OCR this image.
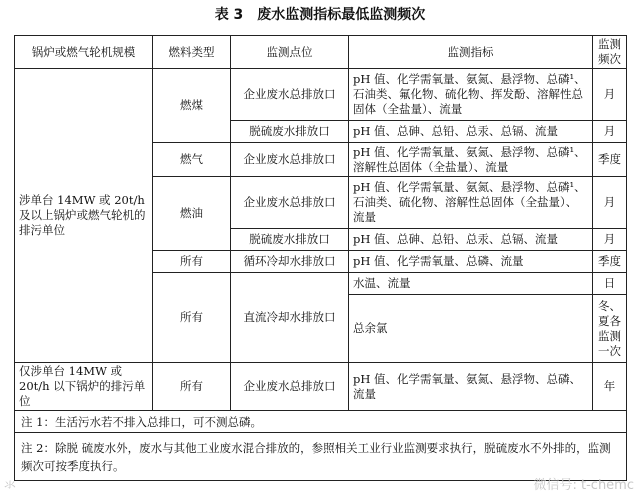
表 3　废水监测指标最低监测频次
锅炉或燃气轮机规模	燃料类型	监测点位	监测指标	监测频次
涉单台 14MW 或 20t/h 及以上锅炉或燃气轮机的排污单位	燃煤	企业废水总排放口	pH 值、化学需氧量、氨氮、悬浮物、总磷¹、石油类、氟化物、硫化物、挥发酚、溶解性总固体（全盐量）、流量	月
		脱硫废水排放口	pH 值、总砷、总铅、总汞、总镉、流量	月
	燃气	企业废水总排放口	pH 值、化学需氧量、氨氮、悬浮物、总磷¹、溶解性总固体（全盐量）、流量	季度
	燃油	企业废水总排放口	pH 值、化学需氧量、氨氮、悬浮物、总磷¹、石油类、硫化物、溶解性总固体（全盐量）、流量	月
		脱硫废水排放口	pH 值、总砷、总铅、总汞、总镉、流量	月
	所有	循环冷却水排放口	pH 值、化学需氧量、总磷、流量	季度
	所有	直流冷却水排放口	水温、流量	日
			总余氯	冬、夏各监测一次
仅涉单台 14MW 或 20t/h 以下锅炉的排污单位	所有	企业废水总排放口	pH 值、化学需氧量、氨氮、悬浮物、总磷、流量	年
注 1：生活污水若不排入总排口，可不测总磷。				
注 2：除脱 硫废水外，废水与其他工业废水混合排放的，参照相关工业行业监测要求执行，脱硫废水不外排的，监测频次可按季度执行。				
氺	微信号: t-chemc
